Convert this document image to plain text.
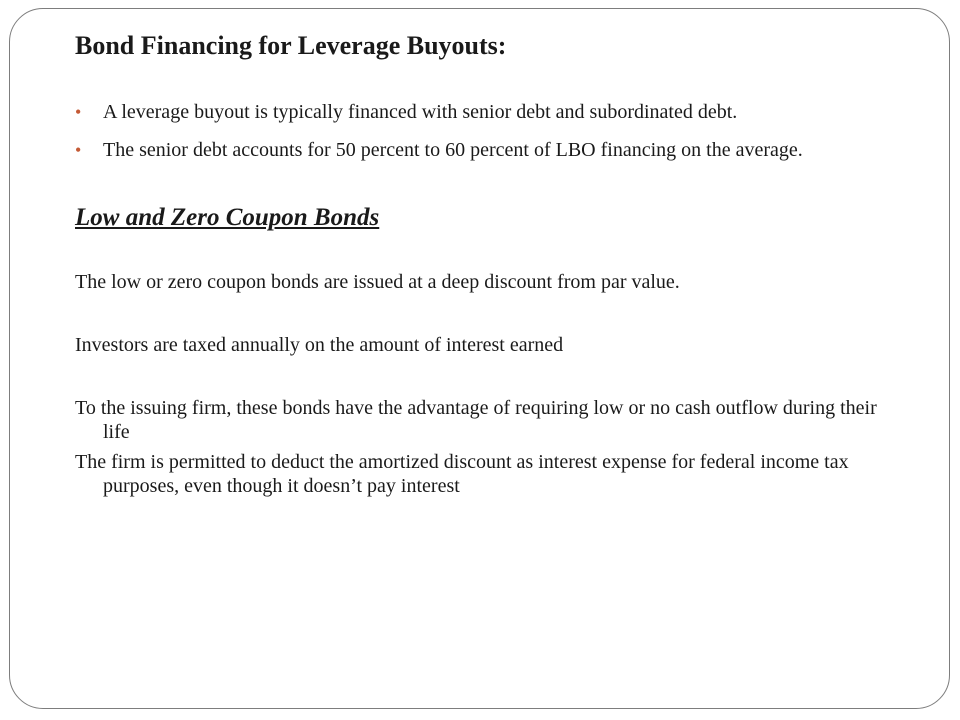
Bond Financing for Leverage Buyouts:
• A leverage buyout is typically financed with senior debt and subordinated debt.
• The senior debt accounts for 50 percent to 60 percent of LBO financing on the average.
Low and Zero Coupon Bonds

The low or zero coupon bonds are issued at a deep discount from par value.

Investors are taxed annually on the amount of interest earned

To the issuing firm, these bonds have the advantage of requiring low or no cash outflow during their life

The firm is permitted to deduct the amortized discount as interest expense for federal income tax purposes, even though it doesn’t pay interest
